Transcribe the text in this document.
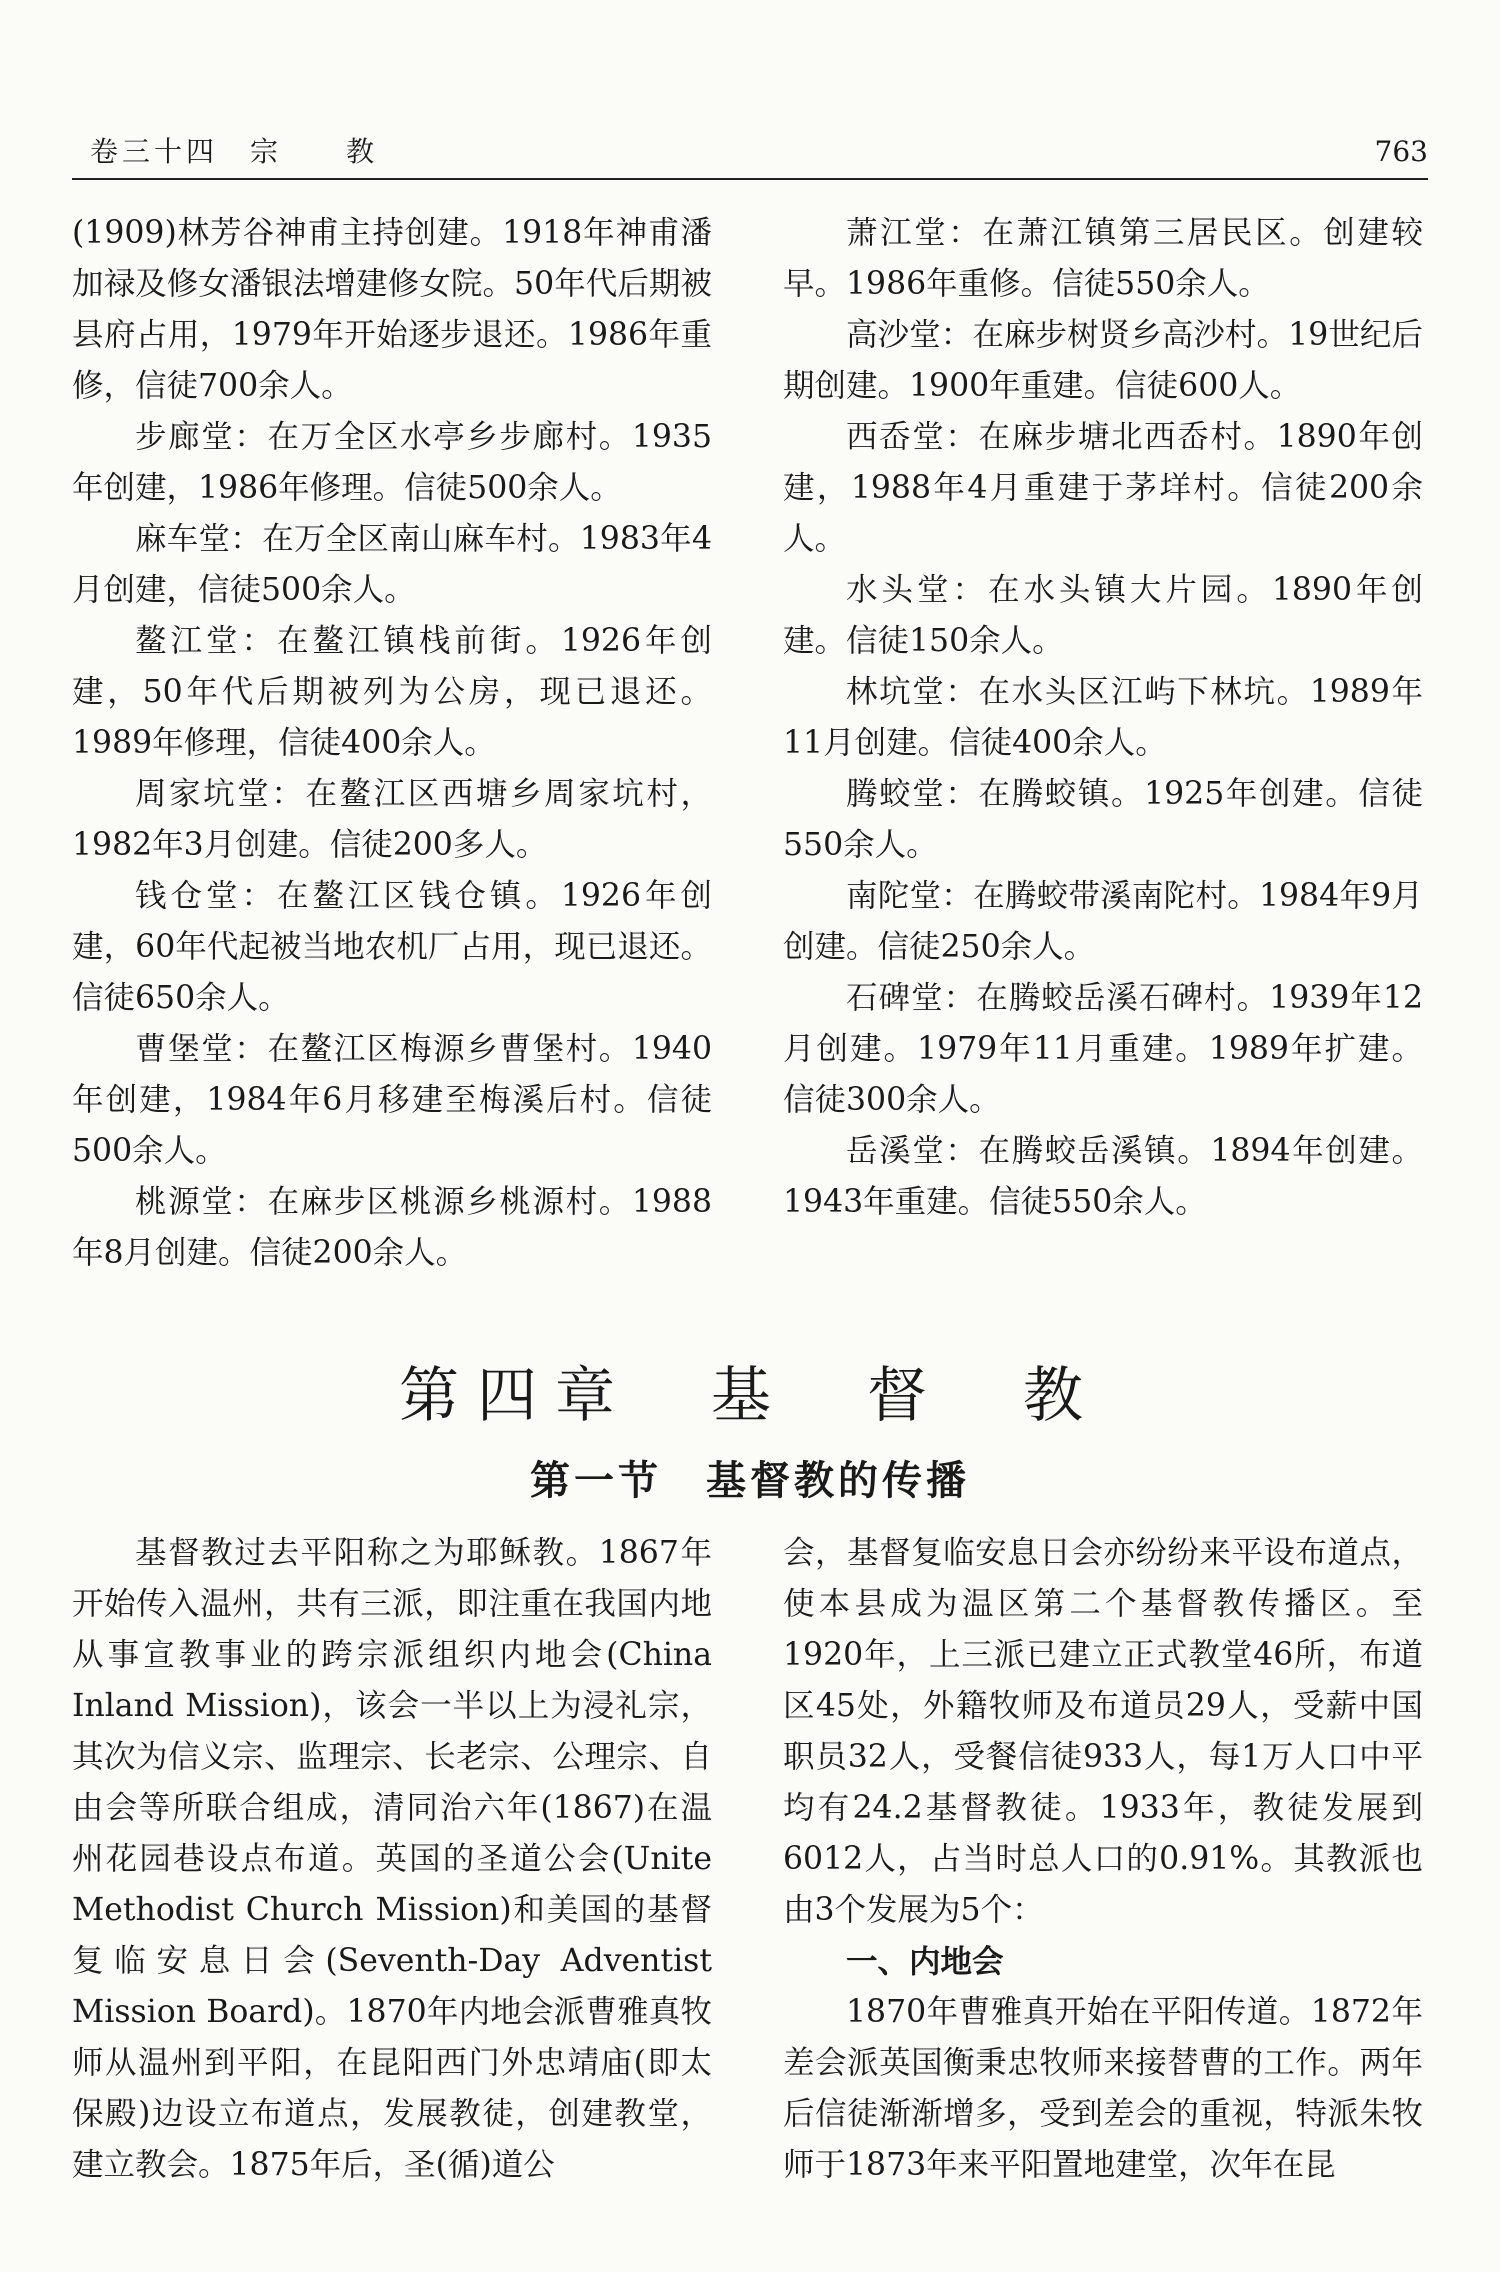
卷三十四　宗　　教	763

(1909)林芳谷神甫主持创建。1918年神甫潘加禄及修女潘银法增建修女院。50年代后期被县府占用，1979年开始逐步退还。1986年重修，信徒700余人。

步廊堂：在万全区水亭乡步廊村。1935年创建，1986年修理。信徒500余人。

麻车堂：在万全区南山麻车村。1983年4月创建，信徒500余人。

鳌江堂：在鳌江镇栈前街。1926年创建，50年代后期被列为公房，现已退还。1989年修理，信徒400余人。

周家坑堂：在鳌江区西塘乡周家坑村，1982年3月创建。信徒200多人。

钱仓堂：在鳌江区钱仓镇。1926年创建，60年代起被当地农机厂占用，现已退还。信徒650余人。

曹堡堂：在鳌江区梅源乡曹堡村。1940年创建，1984年6月移建至梅溪后村。信徒500余人。

桃源堂：在麻步区桃源乡桃源村。1988年8月创建。信徒200余人。

萧江堂：在萧江镇第三居民区。创建较早。1986年重修。信徒550余人。

高沙堂：在麻步树贤乡高沙村。19世纪后期创建。1900年重建。信徒600人。

西岙堂：在麻步塘北西岙村。1890年创建，1988年4月重建于茅垟村。信徒200余人。

水头堂：在水头镇大片园。1890年创建。信徒150余人。

林坑堂：在水头区江屿下林坑。1989年11月创建。信徒400余人。

腾蛟堂：在腾蛟镇。1925年创建。信徒550余人。

南陀堂：在腾蛟带溪南陀村。1984年9月创建。信徒250余人。

石碑堂：在腾蛟岳溪石碑村。1939年12月创建。1979年11月重建。1989年扩建。信徒300余人。

岳溪堂：在腾蛟岳溪镇。1894年创建。1943年重建。信徒550余人。

第四章　基　督　教
第一节　基督教的传播

基督教过去平阳称之为耶稣教。1867年开始传入温州，共有三派，即注重在我国内地从事宣教事业的跨宗派组织内地会(China Inland Mission)，该会一半以上为浸礼宗，其次为信义宗、监理宗、长老宗、公理宗、自由会等所联合组成，清同治六年(1867)在温州花园巷设点布道。英国的圣道公会(Unite Methodist Church Mission)和美国的基督复临安息日会(Seventh-Day Adventist Mission Board)。1870年内地会派曹雅真牧师从温州到平阳，在昆阳西门外忠靖庙(即太保殿)边设立布道点，发展教徒，创建教堂，建立教会。1875年后，圣(循)道公

会，基督复临安息日会亦纷纷来平设布道点，使本县成为温区第二个基督教传播区。至1920年，上三派已建立正式教堂46所，布道区45处，外籍牧师及布道员29人，受薪中国职员32人，受餐信徒933人，每1万人口中平均有24.2基督教徒。1933年，教徒发展到6012人，占当时总人口的0.91%。其教派也由3个发展为5个：

一、内地会

1870年曹雅真开始在平阳传道。1872年差会派英国衡秉忠牧师来接替曹的工作。两年后信徒渐渐增多，受到差会的重视，特派朱牧师于1873年来平阳置地建堂，次年在昆
